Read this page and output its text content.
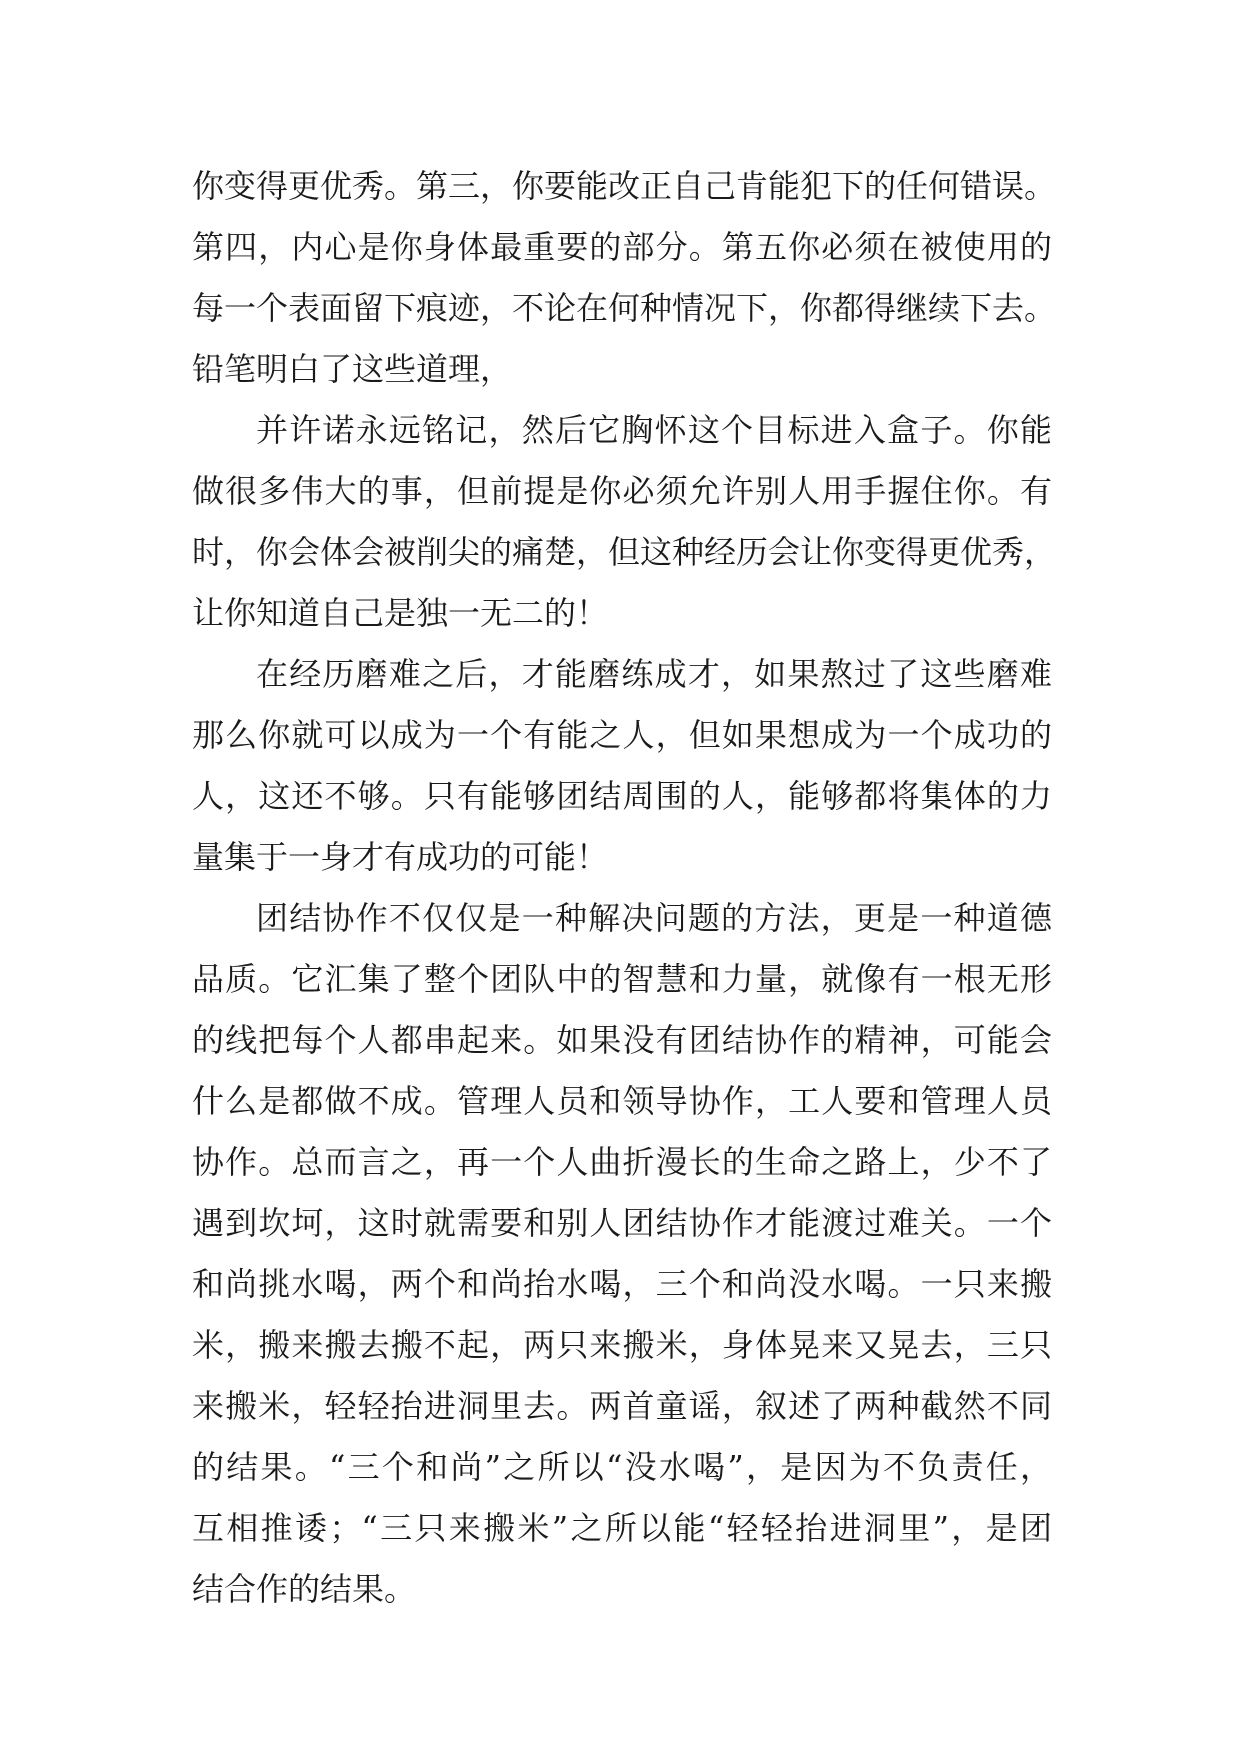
你变得更优秀。第三，你要能改正自己肯能犯下的任何错误。
第四，内心是你身体最重要的部分。第五你必须在被使用的
每一个表面留下痕迹，不论在何种情况下，你都得继续下去。
铅笔明白了这些道理，
并许诺永远铭记，然后它胸怀这个目标进入盒子。你能
做很多伟大的事，但前提是你必须允许别人用手握住你。有
时，你会体会被削尖的痛楚，但这种经历会让你变得更优秀，
让你知道自己是独一无二的！
在经历磨难之后，才能磨练成才，如果熬过了这些磨难
那么你就可以成为一个有能之人，但如果想成为一个成功的
人，这还不够。只有能够团结周围的人，能够都将集体的力
量集于一身才有成功的可能！
团结协作不仅仅是一种解决问题的方法，更是一种道德
品质。它汇集了整个团队中的智慧和力量，就像有一根无形
的线把每个人都串起来。如果没有团结协作的精神，可能会
什么是都做不成。管理人员和领导协作，工人要和管理人员
协作。总而言之，再一个人曲折漫长的生命之路上，少不了
遇到坎坷，这时就需要和别人团结协作才能渡过难关。一个
和尚挑水喝，两个和尚抬水喝，三个和尚没水喝。一只来搬
米，搬来搬去搬不起，两只来搬米，身体晃来又晃去，三只
来搬米，轻轻抬进洞里去。两首童谣，叙述了两种截然不同
的结果。“三个和尚”之所以“没水喝”，是因为不负责任，
互相推诿；“三只来搬米”之所以能“轻轻抬进洞里”，是团
结合作的结果。
